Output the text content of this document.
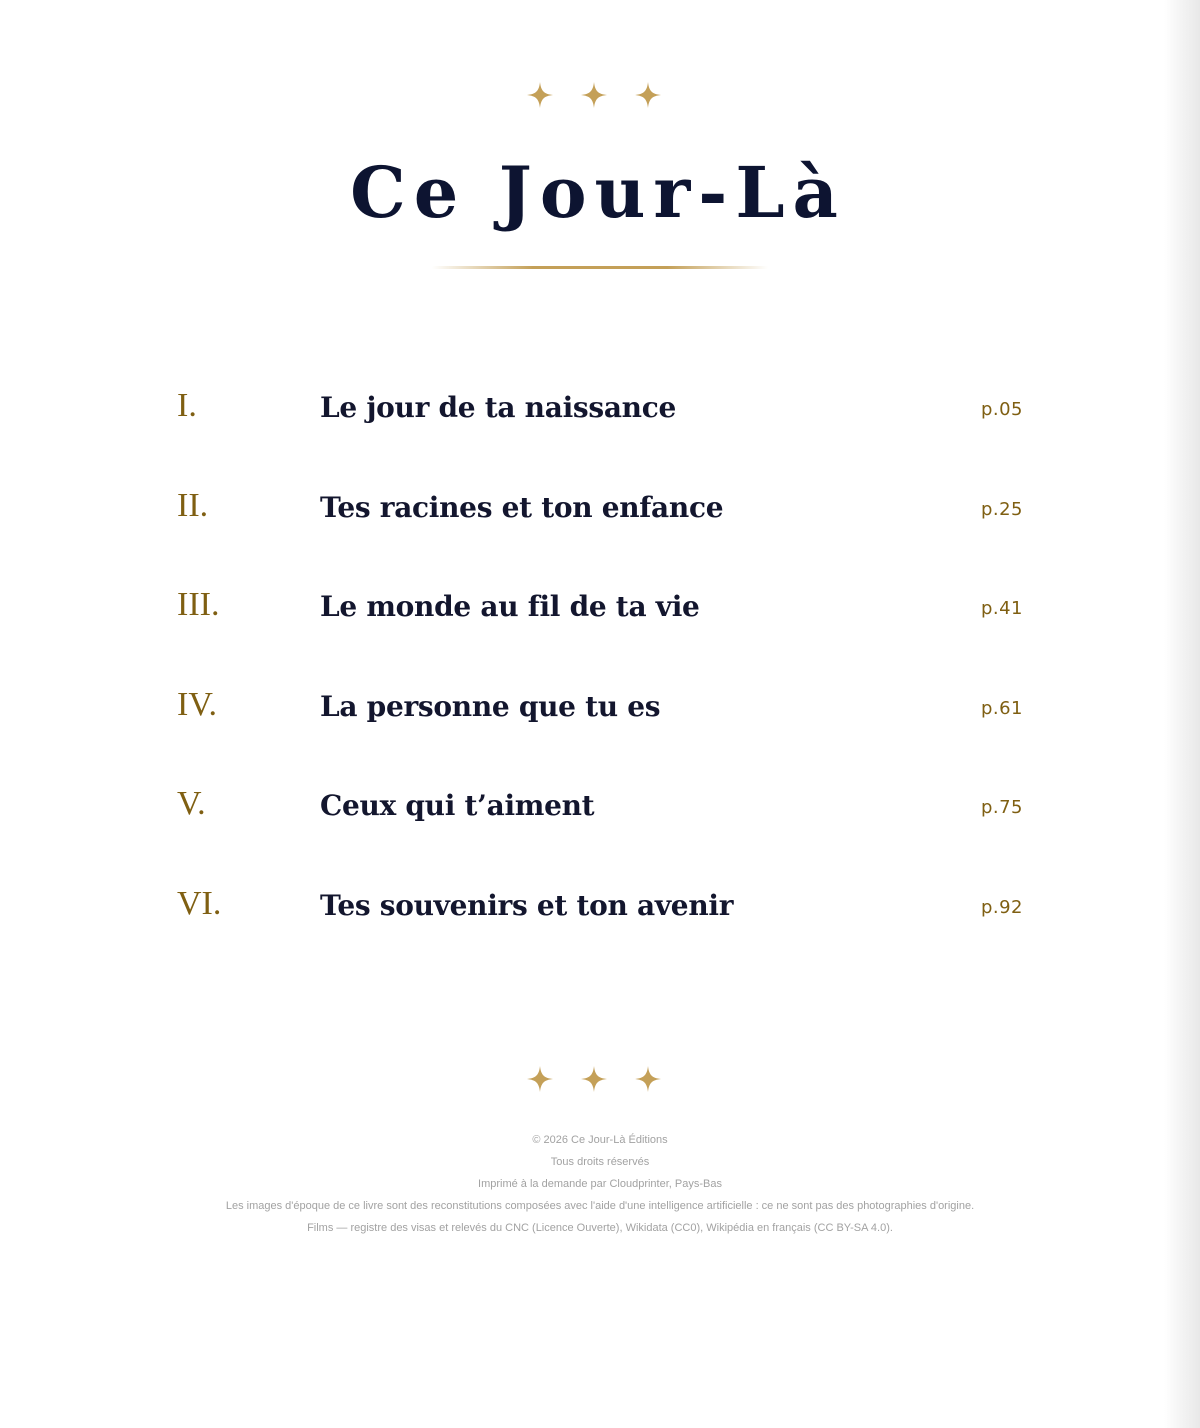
Ce Jour-Là
I.	Le jour de ta naissance	p.05
II.	Tes racines et ton enfance	p.25
III.	Le monde au fil de ta vie	p.41
IV.	La personne que tu es	p.61
V.	Ceux qui t’aiment	p.75
VI.	Tes souvenirs et ton avenir	p.92
© 2026 Ce Jour-Là Éditions
Tous droits réservés
Imprimé à la demande par Cloudprinter, Pays-Bas
Les images d'époque de ce livre sont des reconstitutions composées avec l'aide d'une intelligence artificielle : ce ne sont pas des photographies d'origine.
Films — registre des visas et relevés du CNC (Licence Ouverte), Wikidata (CC0), Wikipédia en français (CC BY-SA 4.0).
